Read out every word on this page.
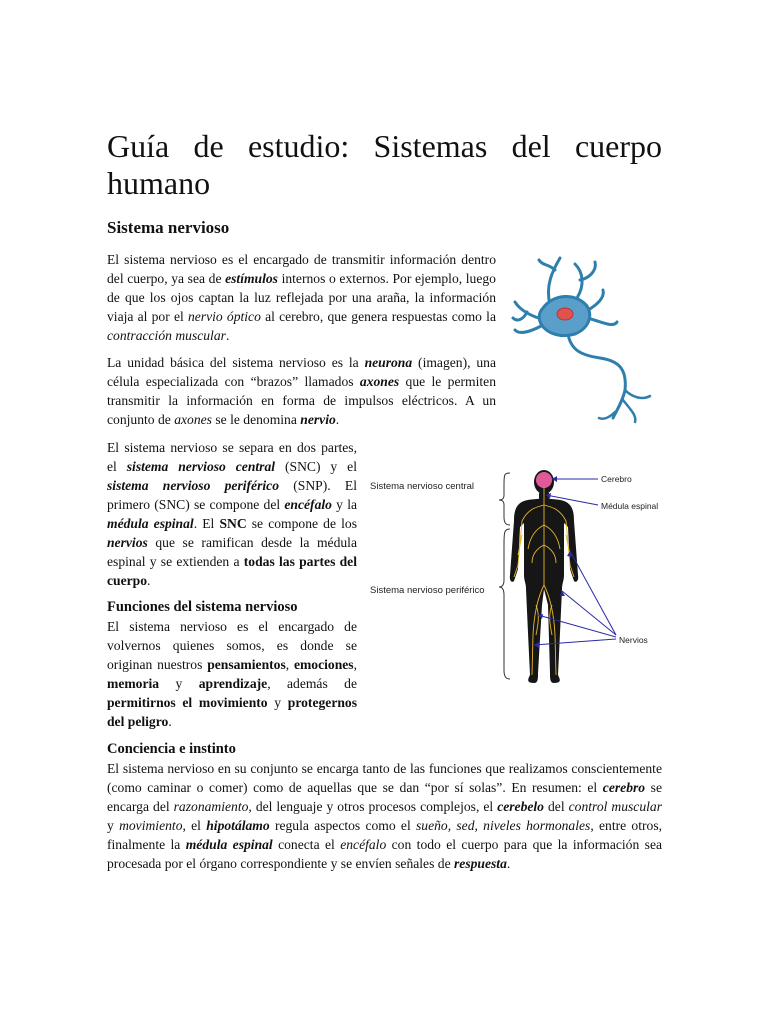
Guía de estudio: Sistemas del cuerpo humano
Sistema nervioso

El sistema nervioso es el encargado de transmitir información dentro del cuerpo, ya sea de estímulos internos o externos. Por ejemplo, luego de que los ojos captan la luz reflejada por una araña, la información viaja al por el nervio óptico al cerebro, que genera respuestas como la contracción muscular.

La unidad básica del sistema nervioso es la neurona (imagen), una célula especializada con “brazos” llamados axones que le permiten transmitir la información en forma de impulsos eléctricos. A un conjunto de axones se le denomina nervio.

El sistema nervioso se separa en dos partes, el sistema nervioso central (SNC) y el sistema nervioso periférico (SNP). El primero (SNC) se compone del encéfalo y la médula espinal. El SNC se compone de los nervios que se ramifican desde la médula espinal y se extienden a todas las partes del cuerpo.

Funciones del sistema nervioso

El sistema nervioso es el encargado de volvernos quienes somos, es donde se originan nuestros pensamientos, emociones, memoria y aprendizaje, además de permitirnos el movimiento y protegernos del peligro.

Sistema nervioso central

Sistema nervioso periférico

Cerebro

Médula espinal

Nervios

Conciencia e instinto

El sistema nervioso en su conjunto se encarga tanto de las funciones que realizamos conscientemente (como caminar o comer) como de aquellas que se dan “por sí solas”. En resumen: el cerebro se encarga del razonamiento, del lenguaje y otros procesos complejos, el cerebelo del control muscular y movimiento, el hipotálamo regula aspectos como el sueño, sed, niveles hormonales, entre otros, finalmente la médula espinal conecta el encéfalo con todo el cuerpo para que la información sea procesada por el órgano correspondiente y se envíen señales de respuesta.
